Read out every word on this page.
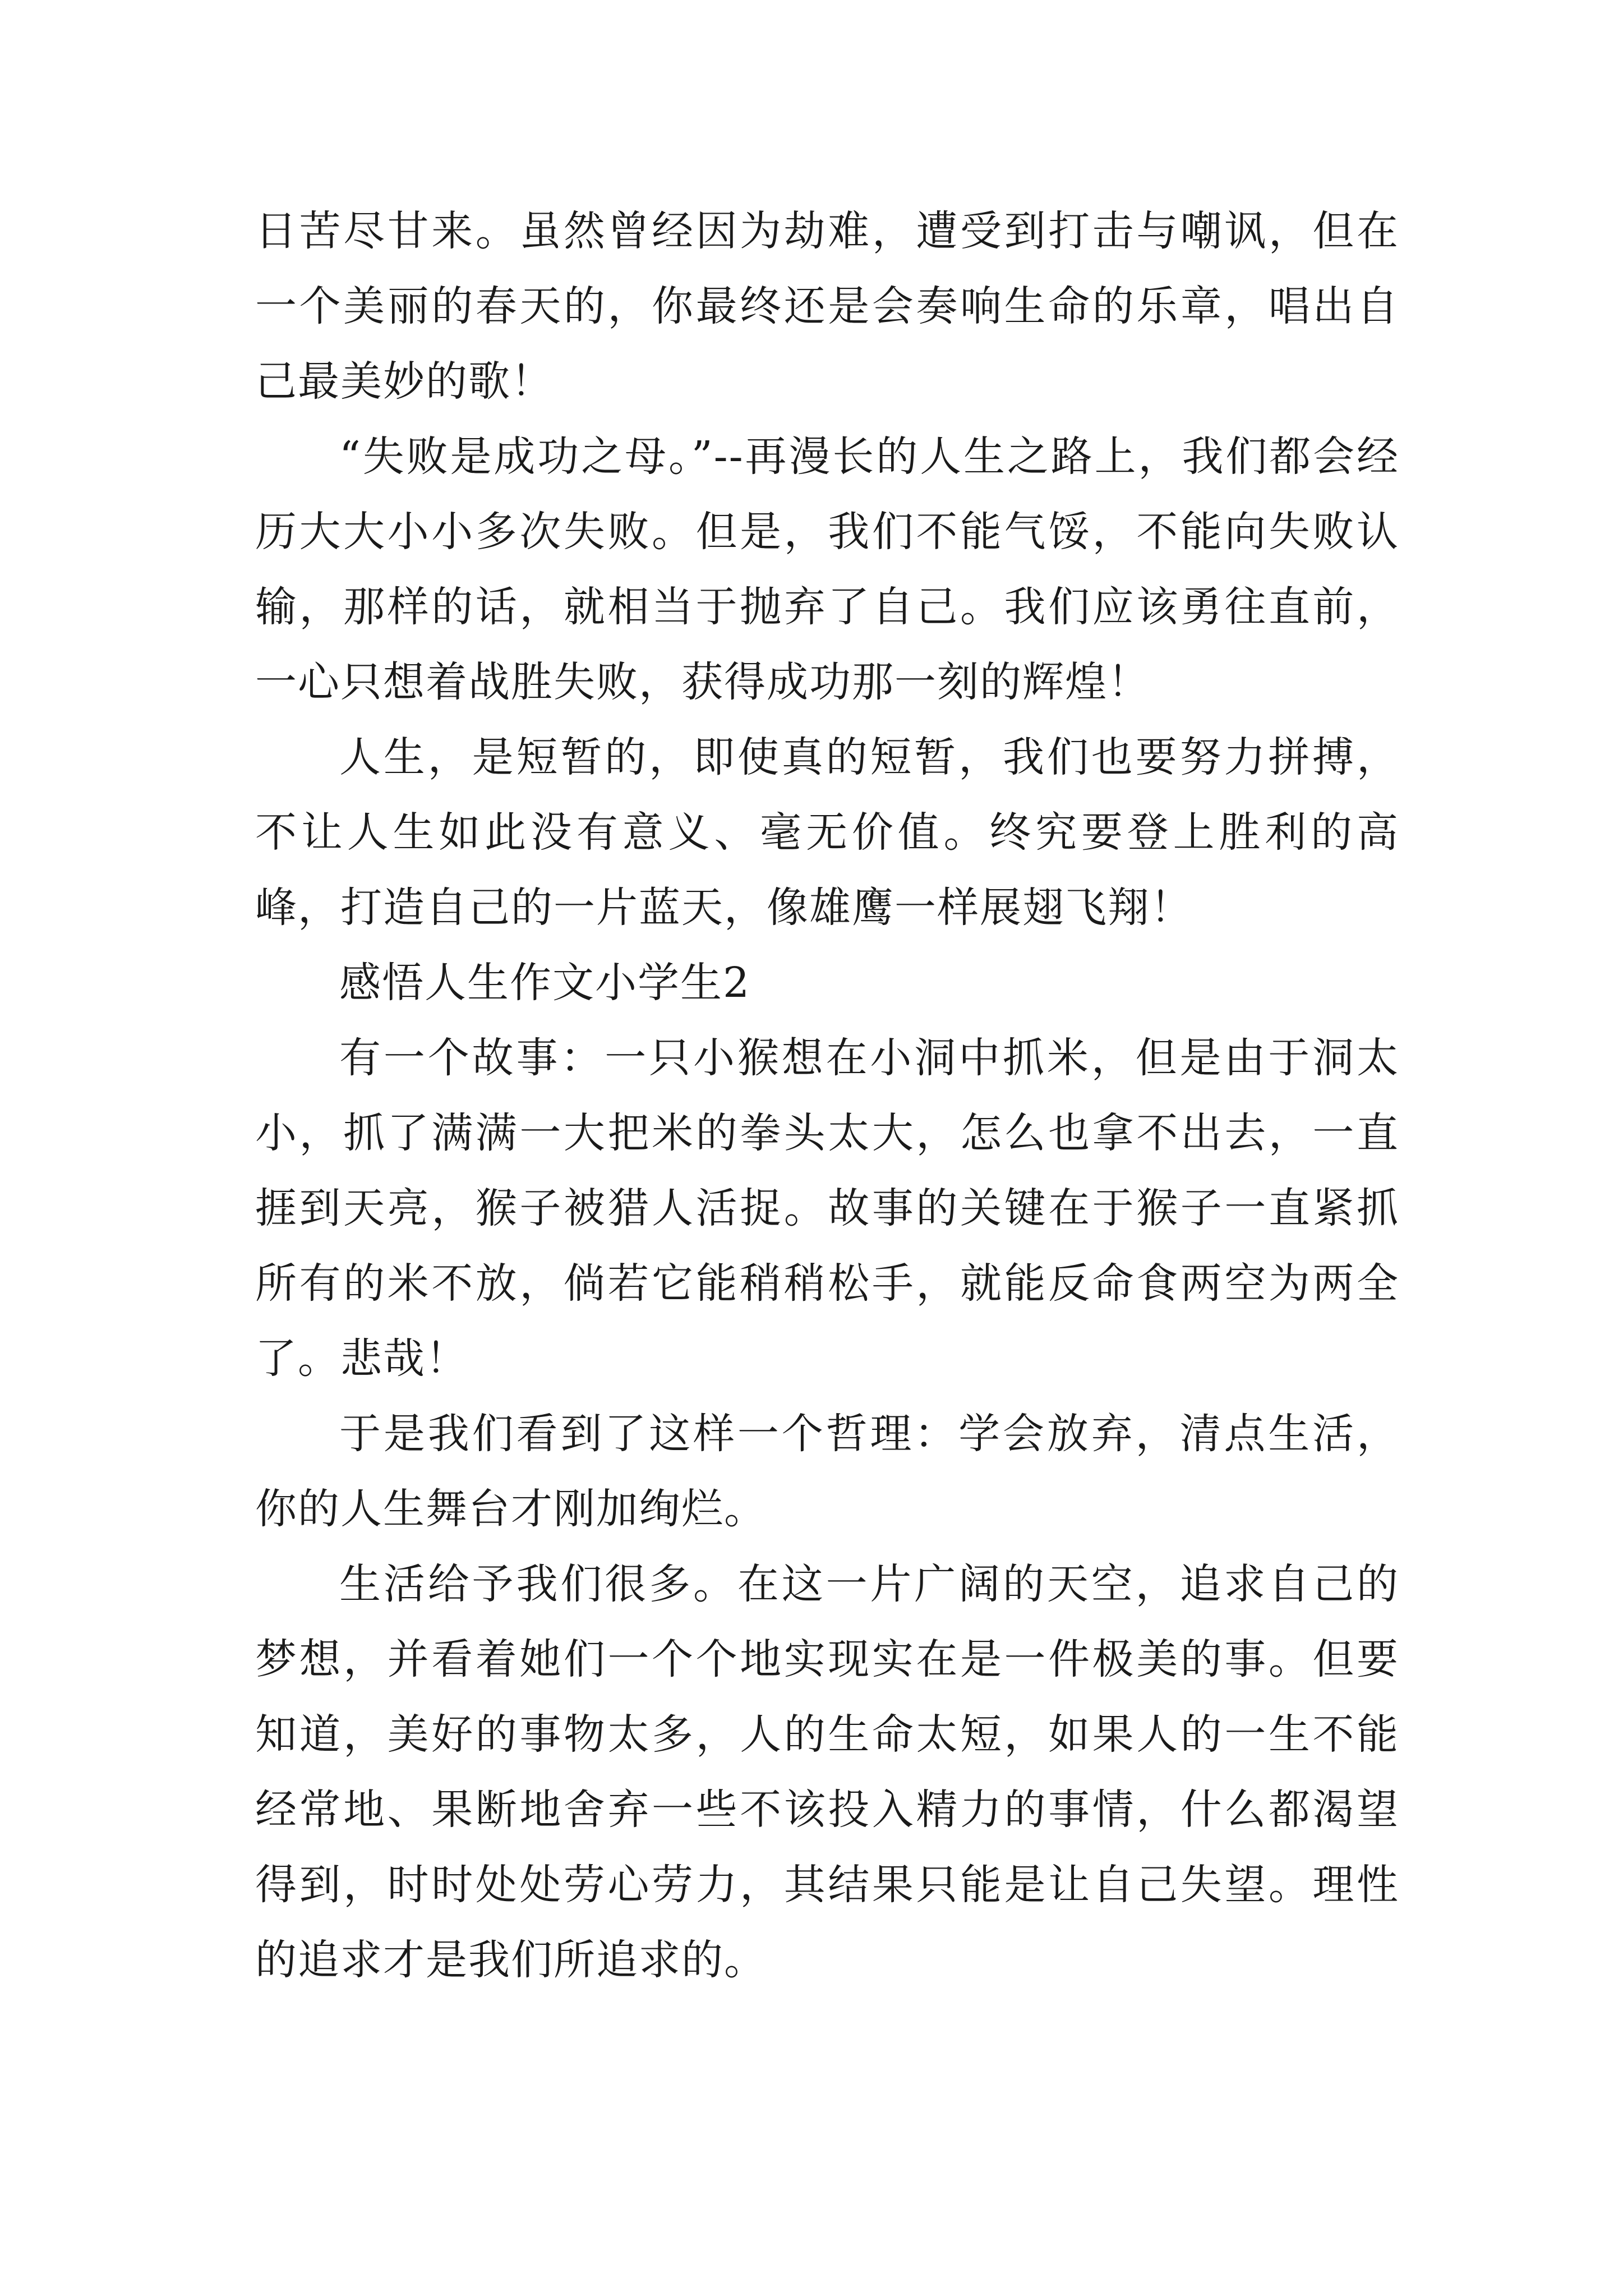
日苦尽甘来。虽然曾经因为劫难，遭受到打击与嘲讽，但在一个美丽的春天的，你最终还是会奏响生命的乐章，唱出自己最美妙的歌！

“失败是成功之母。”--再漫长的人生之路上，我们都会经历大大小小多次失败。但是，我们不能气馁，不能向失败认输，那样的话，就相当于抛弃了自己。我们应该勇往直前，一心只想着战胜失败，获得成功那一刻的辉煌！

人生，是短暂的，即使真的短暂，我们也要努力拼搏，不让人生如此没有意义、毫无价值。终究要登上胜利的高峰，打造自己的一片蓝天，像雄鹰一样展翅飞翔！

感悟人生作文小学生2

有一个故事：一只小猴想在小洞中抓米，但是由于洞太小，抓了满满一大把米的拳头太大，怎么也拿不出去，一直捱到天亮，猴子被猎人活捉。故事的关键在于猴子一直紧抓所有的米不放，倘若它能稍稍松手，就能反命食两空为两全了。悲哉！

于是我们看到了这样一个哲理：学会放弃，清点生活，你的人生舞台才刚加绚烂。

生活给予我们很多。在这一片广阔的天空，追求自己的梦想，并看着她们一个个地实现实在是一件极美的事。但要知道，美好的事物太多，人的生命太短，如果人的一生不能经常地、果断地舍弃一些不该投入精力的事情，什么都渴望得到，时时处处劳心劳力，其结果只能是让自己失望。理性的追求才是我们所追求的。
